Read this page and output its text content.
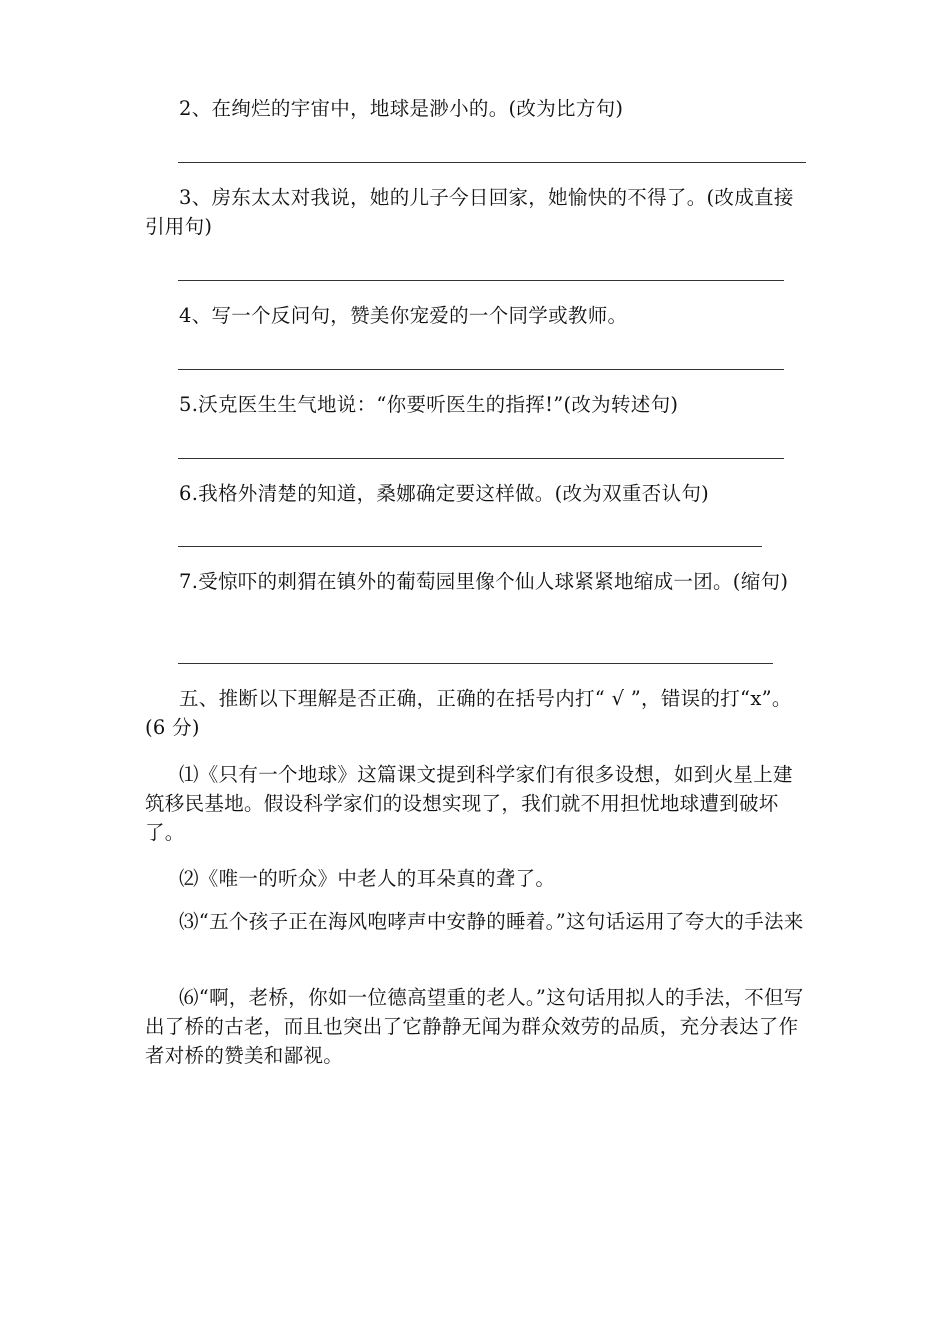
2、在绚烂的宇宙中，地球是渺小的。(改为比方句)

3、房东太太对我说，她的儿子今日回家，她愉快的不得了。(改成直接引用句)

4、写一个反问句，赞美你宠爱的一个同学或教师。

5.沃克医生生气地说：“你要听医生的指挥!”(改为转述句)

6.我格外清楚的知道，桑娜确定要这样做。(改为双重否认句)

7.受惊吓的刺猬在镇外的葡萄园里像个仙人球紧紧地缩成一团。(缩句)

五、推断以下理解是否正确，正确的在括号内打“ √ ”，错误的打“x”。(6 分)

⑴《只有一个地球》这篇课文提到科学家们有很多设想，如到火星上建筑移民基地。假设科学家们的设想实现了，我们就不用担忧地球遭到破坏了。

⑵《唯一的听众》中老人的耳朵真的聋了。

⑶“五个孩子正在海风咆哮声中安静的睡着。”这句话运用了夸大的手法来

⑹“啊，老桥，你如一位德高望重的老人。”这句话用拟人的手法，不但写出了桥的古老，而且也突出了它静静无闻为群众效劳的品质，充分表达了作者对桥的赞美和鄙视。
